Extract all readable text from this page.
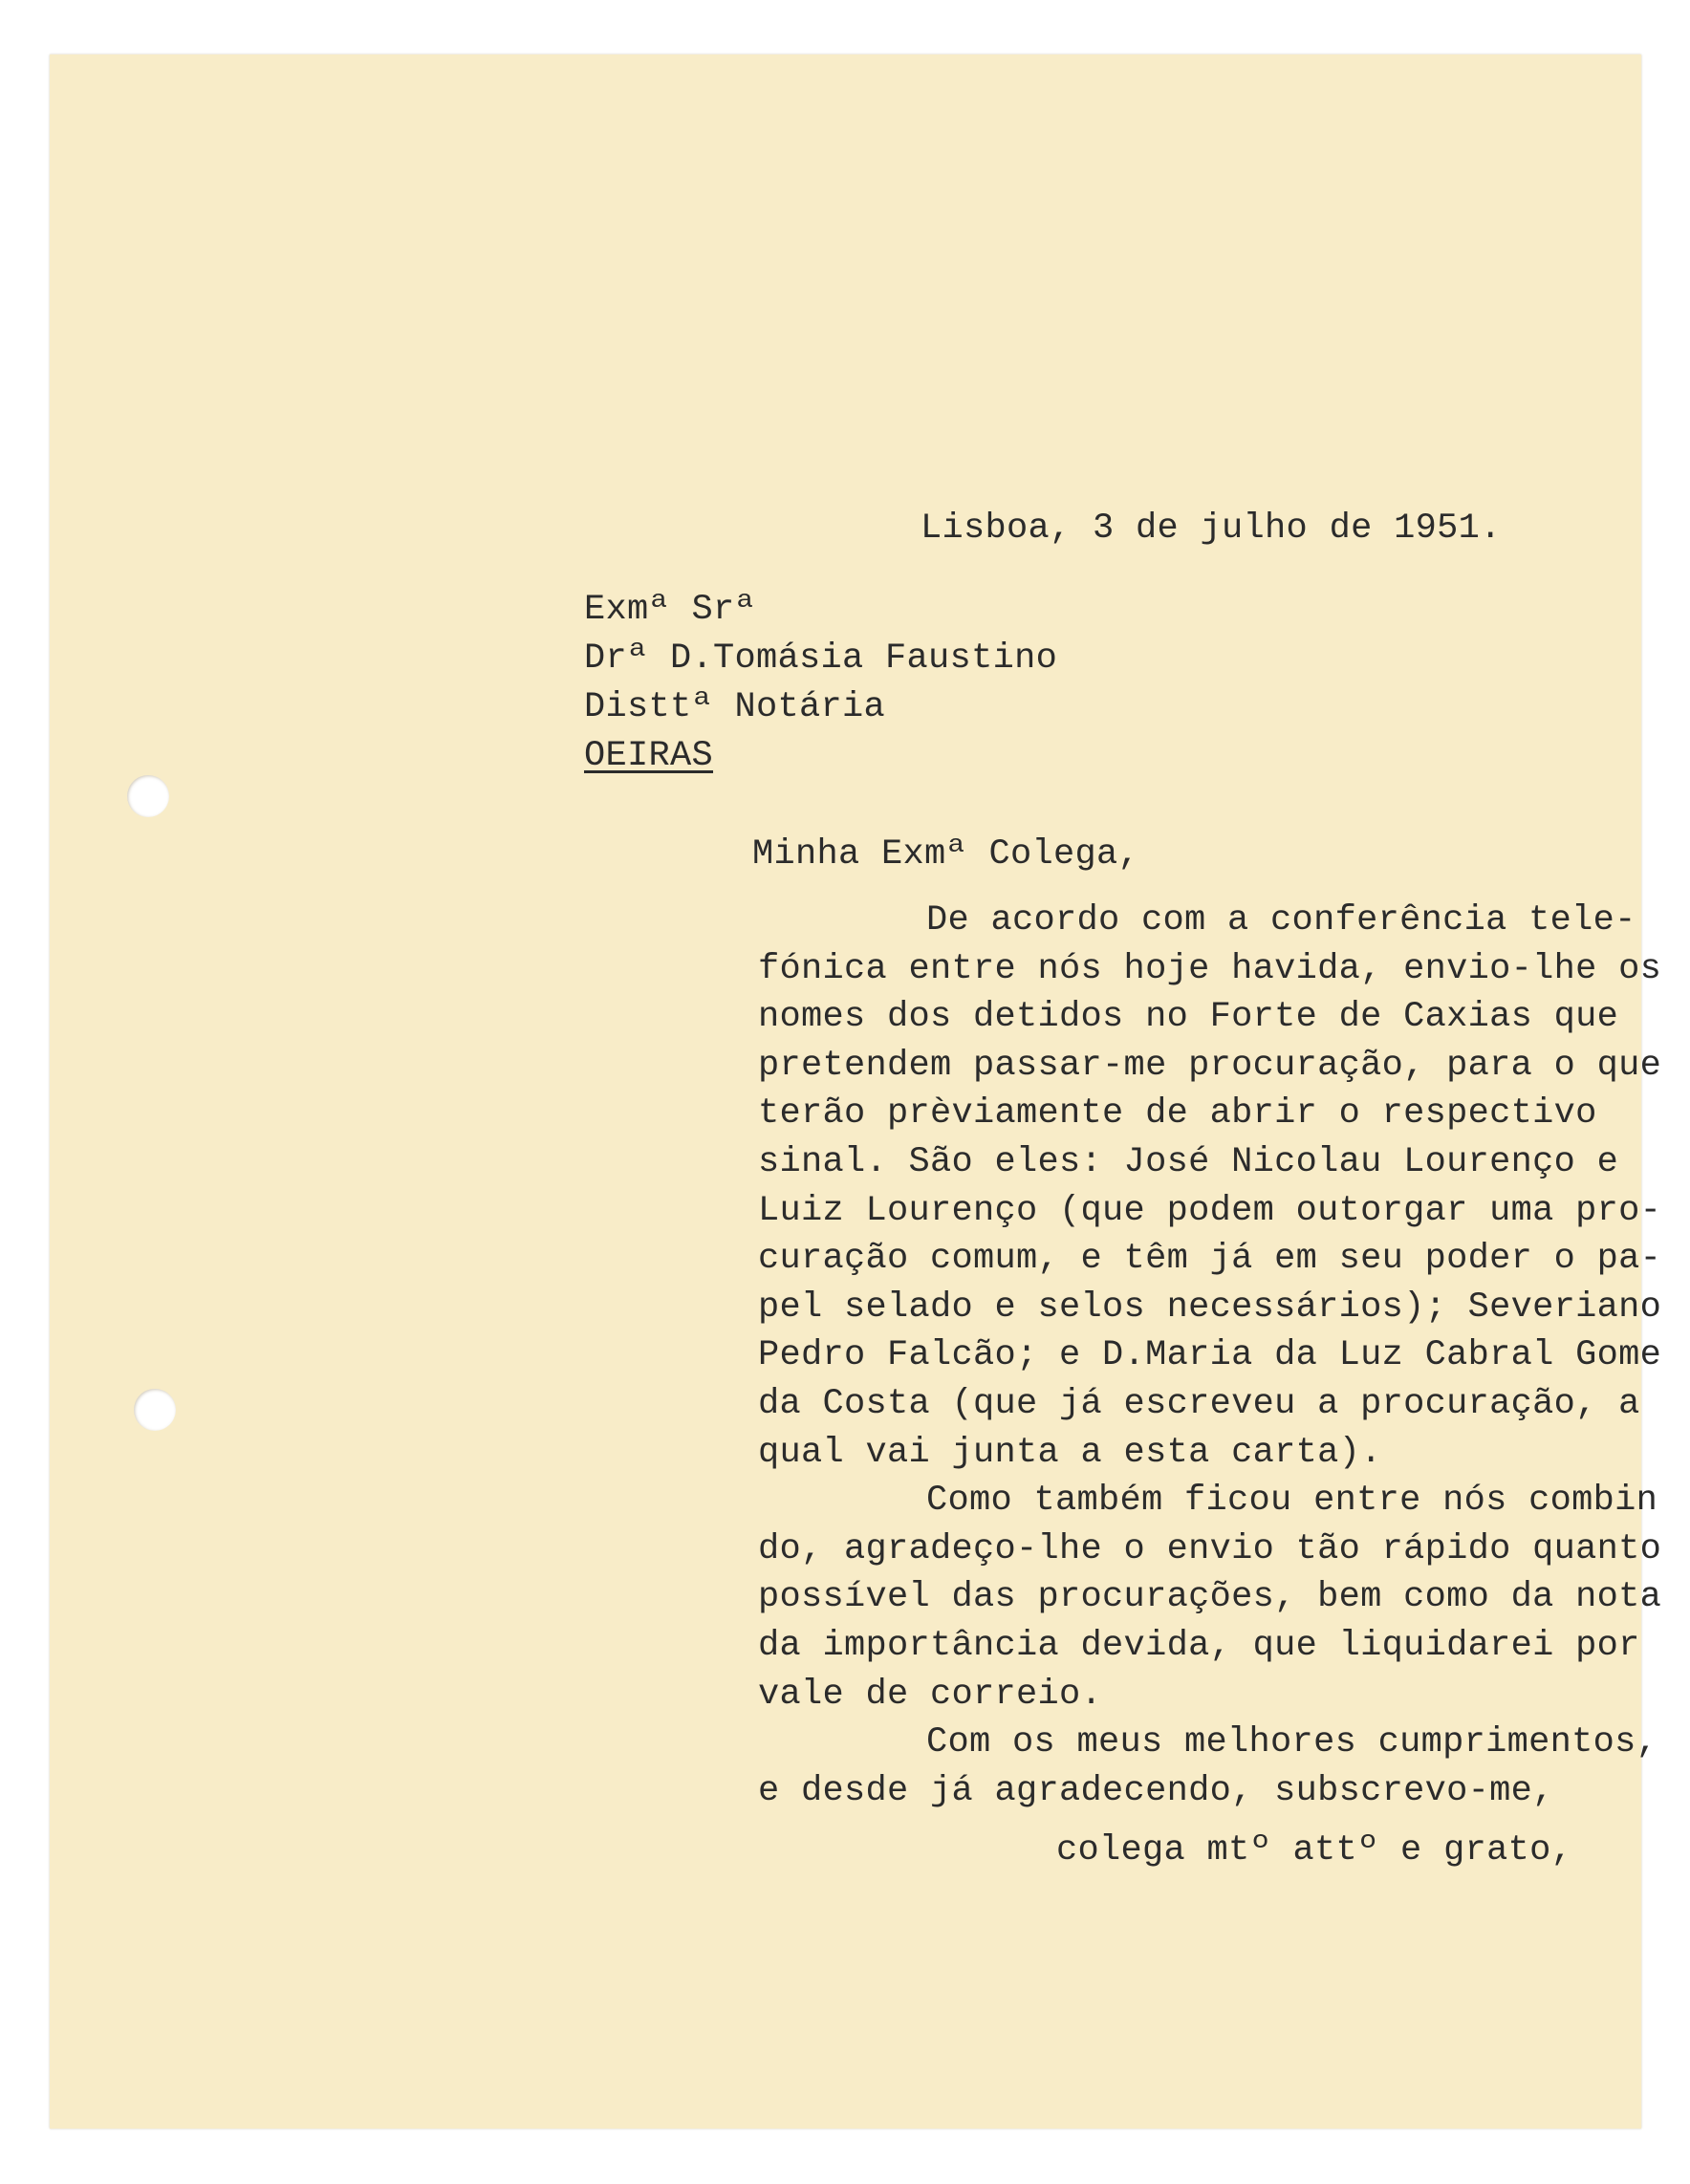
Lisboa, 3 de julho de 1951.
Exmª Srª
Drª D.Tomásia Faustino
Disttª Notária
OEIRAS
Minha Exmª Colega,
De acordo com a conferência tele-
fónica entre nós hoje havida, envio-lhe os
nomes dos detidos no Forte de Caxias que
pretendem passar-me procuração, para o que
terão prèviamente de abrir o respectivo
sinal. São eles: José Nicolau Lourenço e
Luiz Lourenço (que podem outorgar uma pro-
curação comum, e têm já em seu poder o pa-
pel selado e selos necessários); Severiano
Pedro Falcão; e D.Maria da Luz Cabral Gome
da Costa (que já escreveu a procuração, a
qual vai junta a esta carta).
Como também ficou entre nós combin
do, agradeço-lhe o envio tão rápido quanto
possível das procurações, bem como da nota
da importância devida, que liquidarei por
vale de correio.
Com os meus melhores cumprimentos,
e desde já agradecendo, subscrevo-me,
colega mtº attº e grato,
